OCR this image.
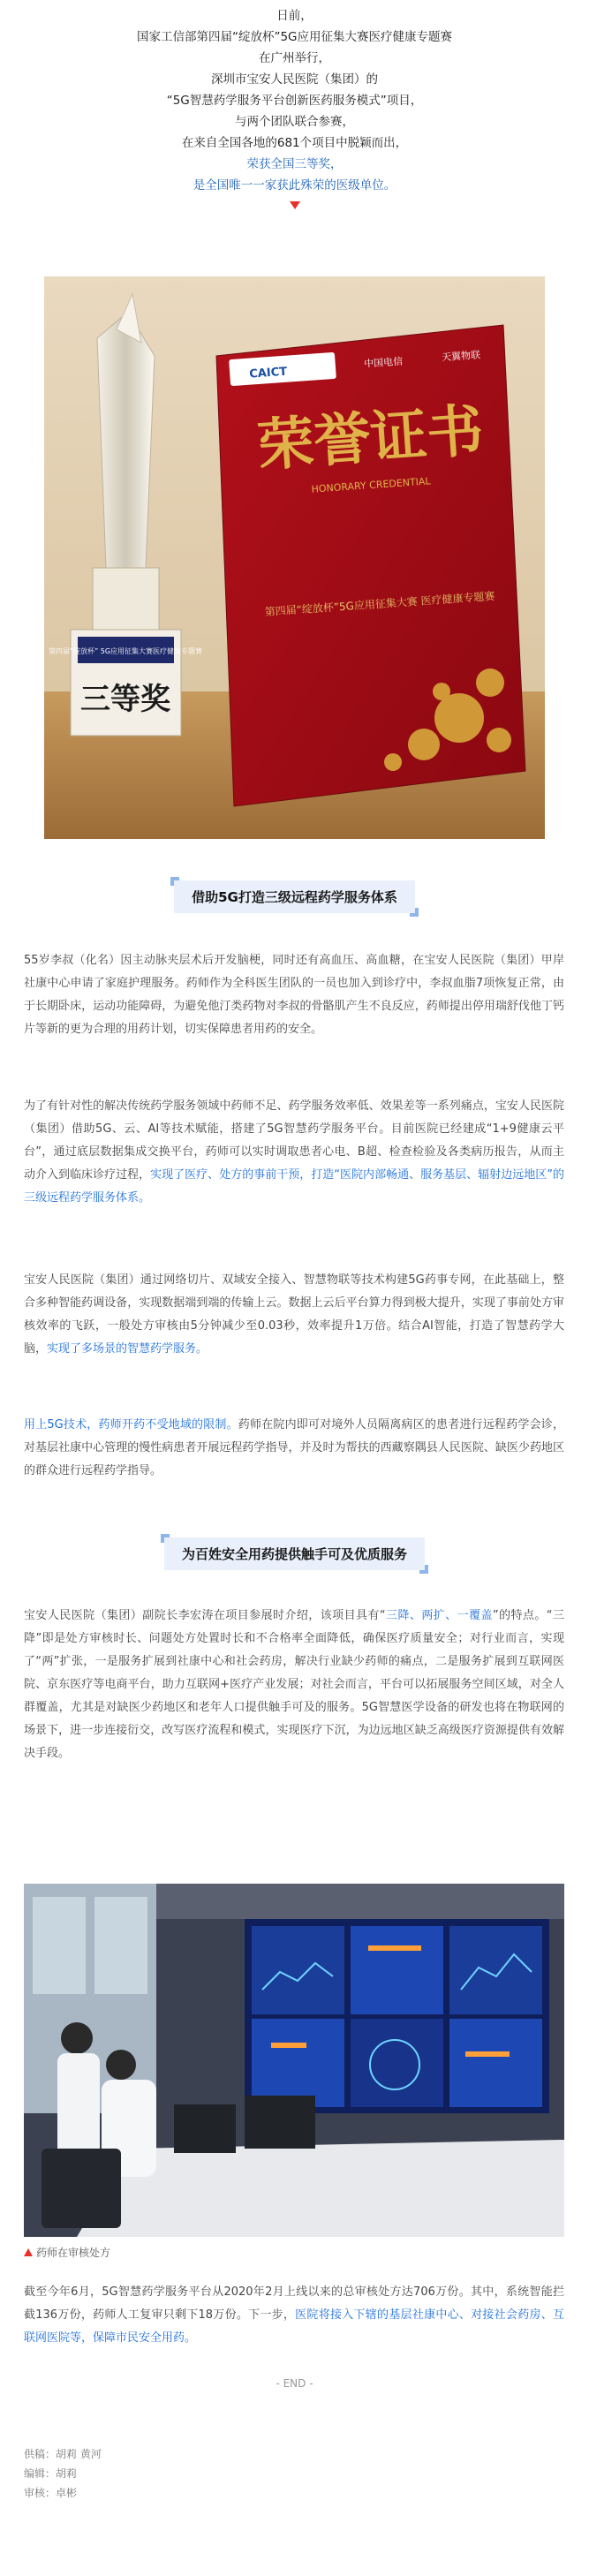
日前，

国家工信部第四届“绽放杯”5G应用征集大赛医疗健康专题赛

在广州举行，

深圳市宝安人民医院（集团）的

“5G智慧药学服务平台创新医药服务模式”项目，

与两个团队联合参赛，

在来自全国各地的681个项目中脱颖而出，

荣获全国三等奖，

是全国唯一一家获此殊荣的医级单位。

第四届“绽放杯” 5G应用征集大赛医疗健康专题赛
三等奖
CAICT
中国电信	天翼物联
荣誉证书
HONORARY CREDENTIAL
第四届“绽放杯”5G应用征集大赛 医疗健康专题赛
借助5G打造三级远程药学服务体系

55岁李叔（化名）因主动脉夹层术后开发脑梗，同时还有高血压、高血糖，在宝安人民医院（集团）甲岸社康中心申请了家庭护理服务。药师作为全科医生团队的一员也加入到诊疗中，李叔血脂7项恢复正常，由于长期卧床，运动功能障碍，为避免他汀类药物对李叔的骨骼肌产生不良反应，药师提出停用瑞舒伐他丁钙片等新的更为合理的用药计划，切实保障患者用药的安全。

为了有针对性的解决传统药学服务领域中药师不足、药学服务效率低、效果差等一系列痛点，宝安人民医院（集团）借助5G、云、AI等技术赋能，搭建了5G智慧药学服务平台。目前医院已经建成“1+9健康云平台”，通过底层数据集成交换平台，药师可以实时调取患者心电、B超、检查检验及各类病历报告，从而主动介入到临床诊疗过程，实现了医疗、处方的事前干预，打造“医院内部畅通、服务基层、辐射边远地区”的三级远程药学服务体系。

宝安人民医院（集团）通过网络切片、双域安全接入、智慧物联等技术构建5G药事专网，在此基础上，整合多种智能药调设备，实现数据端到端的传输上云。数据上云后平台算力得到极大提升，实现了事前处方审核效率的飞跃，一般处方审核由5分钟减少至0.03秒，效率提升1万倍。结合AI智能，打造了智慧药学大脑，实现了多场景的智慧药学服务。

用上5G技术，药师开药不受地域的限制。药师在院内即可对境外人员隔离病区的患者进行远程药学会诊，对基层社康中心管理的慢性病患者开展远程药学指导，并及时为帮扶的西藏察隅县人民医院、缺医少药地区的群众进行远程药学指导。

为百姓安全用药提供触手可及优质服务

宝安人民医院（集团）副院长李宏涛在项目参展时介绍，该项目具有“三降、两扩、一覆盖”的特点。“三降”即是处方审核时长、问题处方处置时长和不合格率全面降低，确保医疗质量安全；对行业而言，实现了“两”扩张，一是服务扩展到社康中心和社会药房，解决行业缺少药师的痛点，二是服务扩展到互联网医院、京东医疗等电商平台，助力互联网+医疗产业发展；对社会而言，平台可以拓展服务空间区域，对全人群覆盖，尤其是对缺医少药地区和老年人口提供触手可及的服务。5G智慧医学设备的研发也将在物联网的场景下，进一步连接衍交，改写医疗流程和模式，实现医疗下沉，为边远地区缺乏高级医疗资源提供有效解决手段。

药师在审核处方

截至今年6月，5G智慧药学服务平台从2020年2月上线以来的总审核处方达706万份。其中，系统智能拦截136万份，药师人工复审只剩下18万份。下一步，医院将接入下辖的基层社康中心、对接社会药房、互联网医院等，保障市民安全用药。

- END -

供稿：胡莉 黄河

编辑：胡莉

审核：卓彬
